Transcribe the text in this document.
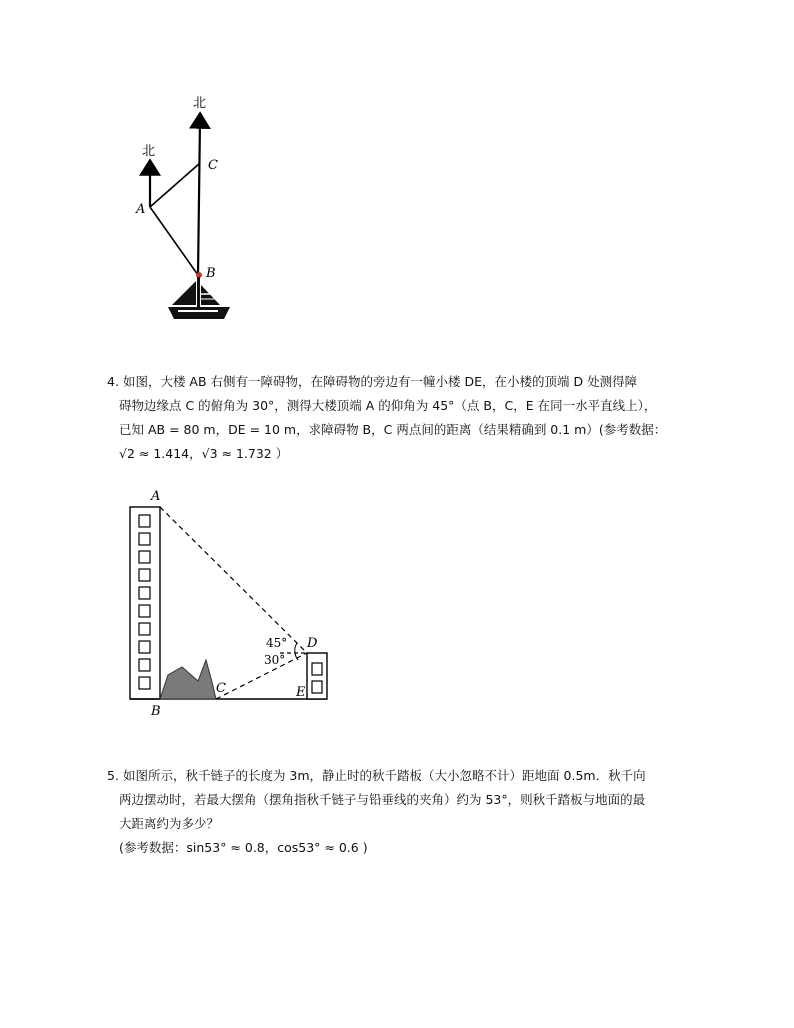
北
北
A
C
B

4. 如图，大楼 AB 右侧有一障碍物，在障碍物的旁边有一幢小楼 DE，在小楼的顶端 D 处测得障

碍物边缘点 C 的俯角为 30°，测得大楼顶端 A 的仰角为 45°（点 B，C，E 在同一水平直线上），

已知 AB = 80 m，DE = 10 m，求障碍物 B，C 两点间的距离（结果精确到 0.1 m）(参考数据：

√2 ≈ 1.414，√3 ≈ 1.732 ）

A
B
C
D
E
45°
30°

5. 如图所示，秋千链子的长度为 3m，静止时的秋千踏板（大小忽略不计）距地面 0.5m．秋千向

两边摆动时，若最大摆角（摆角指秋千链子与铅垂线的夹角）约为 53°，则秋千踏板与地面的最

大距离约为多少？

(参考数据：sin53° ≈ 0.8，cos53° ≈ 0.6 )
